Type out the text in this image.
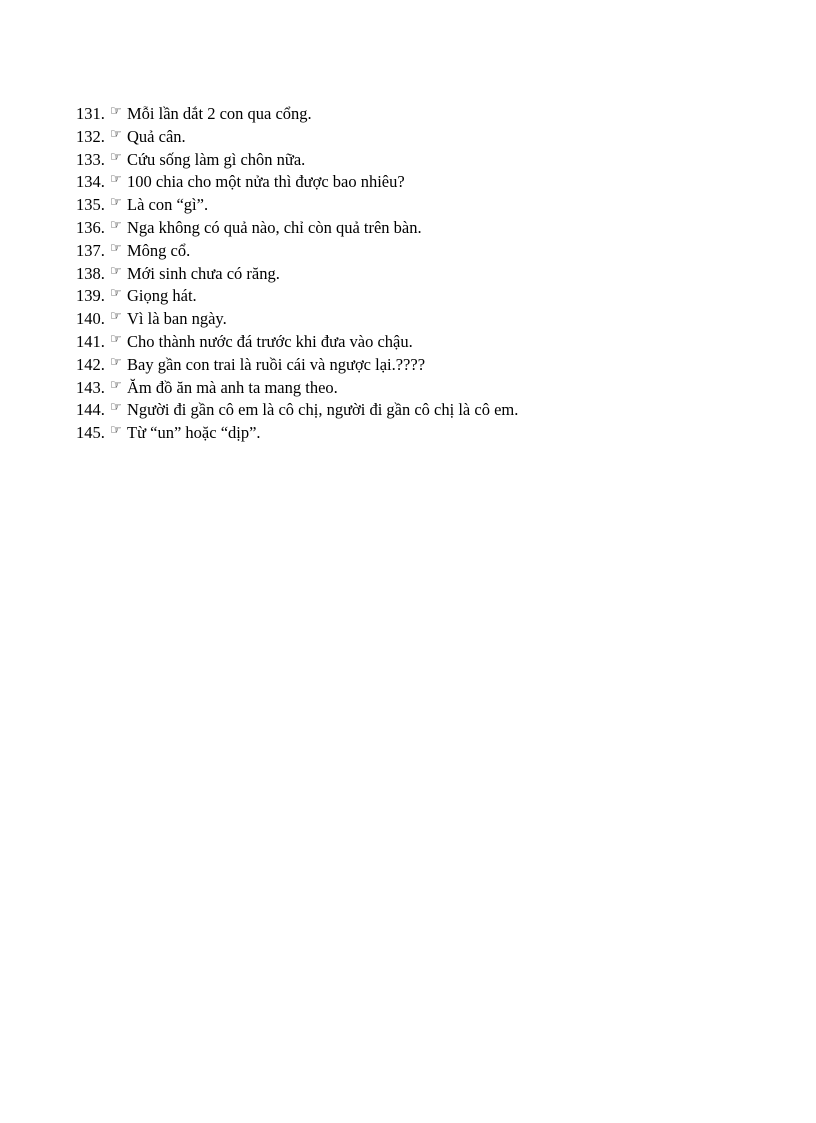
131. ☞ Mỗi lần dắt 2 con qua cổng.
132. ☞ Quả cân.
133. ☞ Cứu sống làm gì chôn nữa.
134. ☞ 100 chia cho một nửa thì được bao nhiêu?
135. ☞ Là con “gì”.
136. ☞ Nga không có quả nào, chỉ còn quả trên bàn.
137. ☞ Mông cổ.
138. ☞ Mới sinh chưa có răng.
139. ☞ Giọng hát.
140. ☞ Vì là ban ngày.
141. ☞ Cho thành nước đá trước khi đưa vào chậu.
142. ☞ Bay gần con trai là ruồi cái và ngược lại.????
143. ☞ Ăm đồ ăn mà anh ta mang theo.
144. ☞ Người đi gần cô em là cô chị, người đi gần cô chị là cô em.
145. ☞ Từ “un” hoặc “dịp”.
